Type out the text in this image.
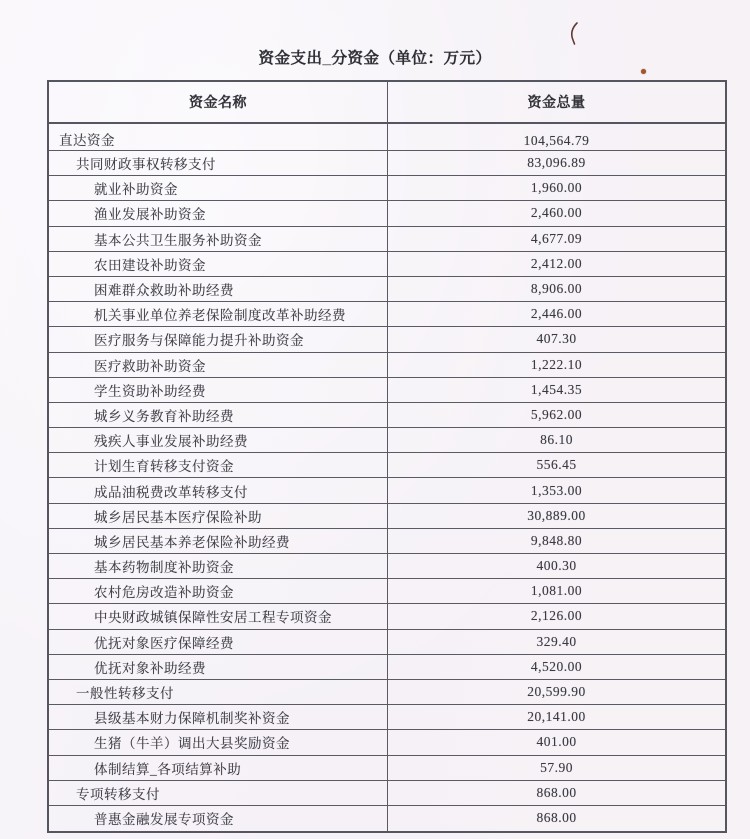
资金支出_分资金（单位：万元）
资金名称	资金总量
直达资金	104,564.79
共同财政事权转移支付	83,096.89
就业补助资金	1,960.00
渔业发展补助资金	2,460.00
基本公共卫生服务补助资金	4,677.09
农田建设补助资金	2,412.00
困难群众救助补助经费	8,906.00
机关事业单位养老保险制度改革补助经费	2,446.00
医疗服务与保障能力提升补助资金	407.30
医疗救助补助资金	1,222.10
学生资助补助经费	1,454.35
城乡义务教育补助经费	5,962.00
残疾人事业发展补助经费	86.10
计划生育转移支付资金	556.45
成品油税费改革转移支付	1,353.00
城乡居民基本医疗保险补助	30,889.00
城乡居民基本养老保险补助经费	9,848.80
基本药物制度补助资金	400.30
农村危房改造补助资金	1,081.00
中央财政城镇保障性安居工程专项资金	2,126.00
优抚对象医疗保障经费	329.40
优抚对象补助经费	4,520.00
一般性转移支付	20,599.90
县级基本财力保障机制奖补资金	20,141.00
生猪（牛羊）调出大县奖励资金	401.00
体制结算_各项结算补助	57.90
专项转移支付	868.00
普惠金融发展专项资金	868.00
